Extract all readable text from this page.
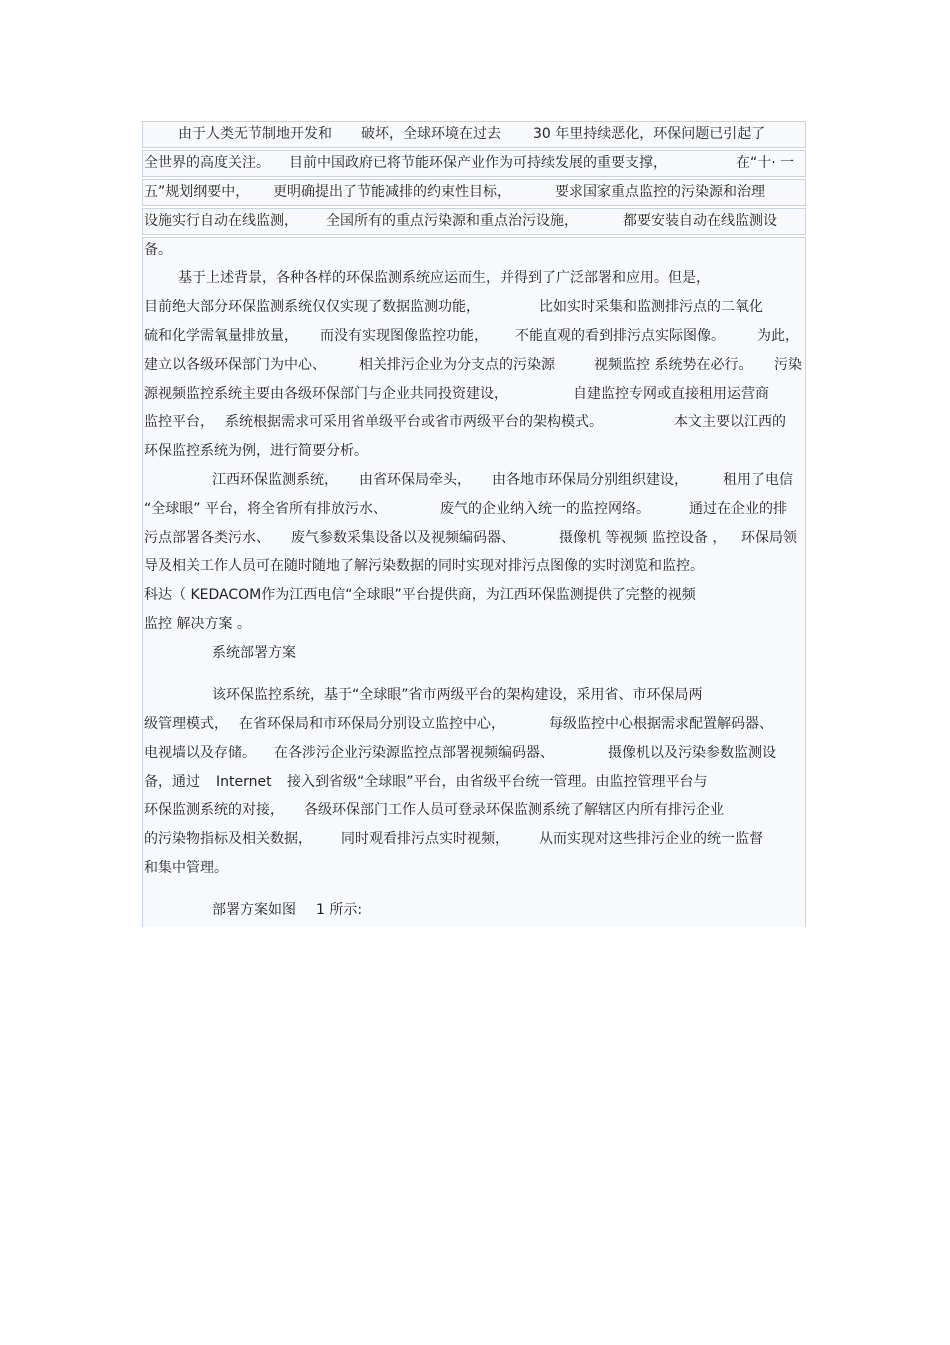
由于人类无节制地开发和 破坏，全球环境在过去 30 年里持续恶化，环保问题已引起了
全世界的高度关注。 目前中国政府已将节能环保产业作为可持续发展的重要支撑，	在“十· 一
五”规划纲要中， 更明确提出了节能减排的约束性目标，	要求国家重点监控的污染源和治理
设施实行自动在线监测， 全国所有的重点污染源和重点治污设施，	都要安装自动在线监测设
备。
基于上述背景，各种各样的环保监测系统应运而生，并得到了广泛部署和应用。但是，
目前绝大部分环保监测系统仅仅实现了数据监测功能，	比如实时采集和监测排污点的二氧化
硫和化学需氧量排放量， 而没有实现图像监控功能， 不能直观的看到排污点实际图像。 为此，
建立以各级环保部门为中心、 相关排污企业为分支点的污染源	视频监控 系统势在必行。 污染
源视频监控系统主要由各级环保部门与企业共同投资建设，	自建监控专网或直接租用运营商
监控平台， 系统根据需求可采用省单级平台或省市两级平台的架构模式。	本文主要以江西的
环保监控系统为例，进行简要分析。
江西环保监测系统， 由省环保局牵头， 由各地市环保局分别组织建设，	租用了电信
“全球眼” 平台，将全省所有排放污水、	废气的企业纳入统一的监控网络。	通过在企业的排
污点部署各类污水、 废气参数采集设备以及视频编码器、	摄像机 等视频 监控设备 ， 环保局领
导及相关工作人员可在随时随地了解污染数据的同时实现对排污点图像的实时浏览和监控。
科达（ KEDACOM作为江西电信“全球眼”平台提供商，为江西环保监测提供了完整的视频
监控 解决方案 。
系统部署方案
该环保监控系统，基于“全球眼”省市两级平台的架构建设，采用省、市环保局两
级管理模式， 在省环保局和市环保局分别设立监控中心，	每级监控中心根据需求配置解码器、
电视墙以及存储。 在各涉污企业污染源监控点部署视频编码器、	摄像机以及污染参数监测设
备，通过 Internet 接入到省级“全球眼”平台，由省级平台统一管理。由监控管理平台与
环保监测系统的对接， 各级环保部门工作人员可登录环保监测系统了解辖区内所有排污企业
的污染物指标及相关数据， 同时观看排污点实时视频， 从而实现对这些排污企业的统一监督
和集中管理。
部署方案如图 1 所示:
